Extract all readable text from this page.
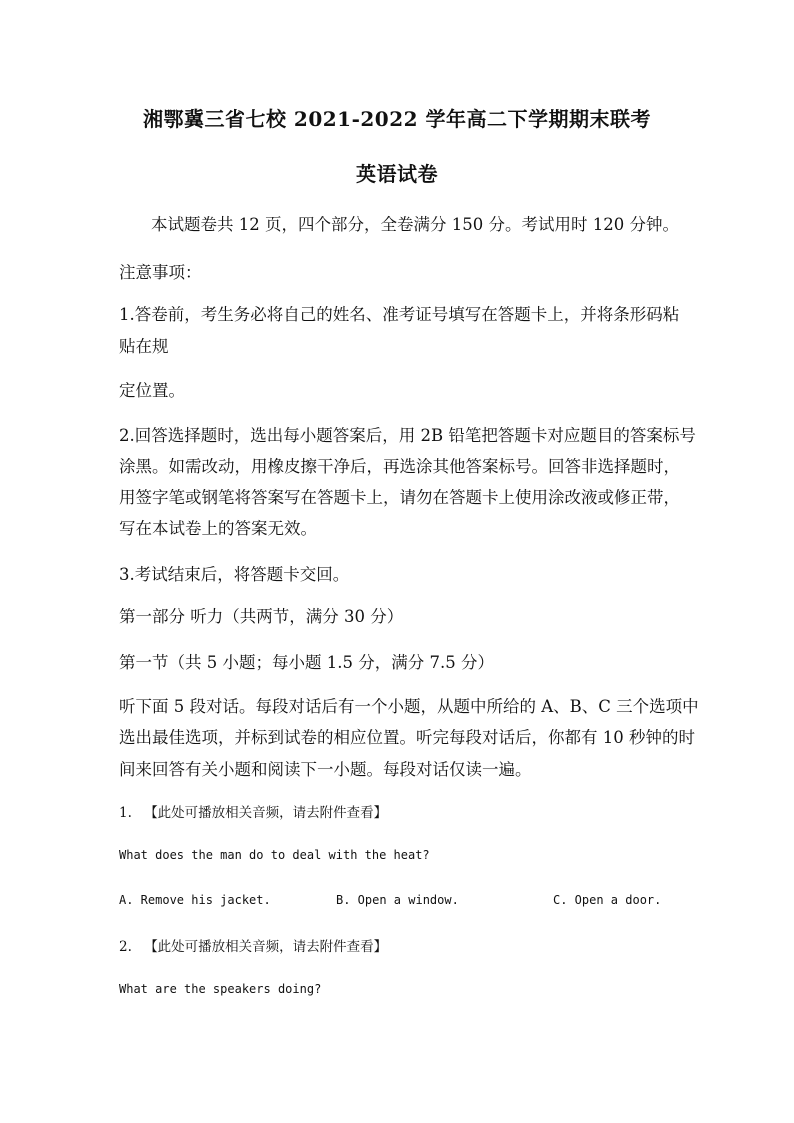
湘鄂冀三省七校 2021-2022 学年高二下学期期末联考
英语试卷
本试题卷共 12 页，四个部分，全卷满分 150 分。考试用时 120 分钟。
注意事项：
1.答卷前，考生务必将自己的姓名、准考证号填写在答题卡上，并将条形码粘
贴在规
定位置。
2.回答选择题时，选出每小题答案后，用 2B 铅笔把答题卡对应题目的答案标号
涂黑。如需改动，用橡皮擦干净后，再选涂其他答案标号。回答非选择题时，
用签字笔或钢笔将答案写在答题卡上，请勿在答题卡上使用涂改液或修正带，
写在本试卷上的答案无效。
3.考试结束后，将答题卡交回。
第一部分 听力（共两节，满分 30 分）
第一节（共 5 小题；每小题 1.5 分，满分 7.5 分）
听下面 5 段对话。每段对话后有一个小题，从题中所给的 A、B、C 三个选项中
选出最佳选项，并标到试卷的相应位置。听完每段对话后，你都有 10 秒钟的时
间来回答有关小题和阅读下一小题。每段对话仅读一遍。
1. 【此处可播放相关音频，请去附件查看】
What does the man do to deal with the heat?
A. Remove his jacket.	B. Open a window.	C. Open a door.
2. 【此处可播放相关音频，请去附件查看】
What are the speakers doing?
